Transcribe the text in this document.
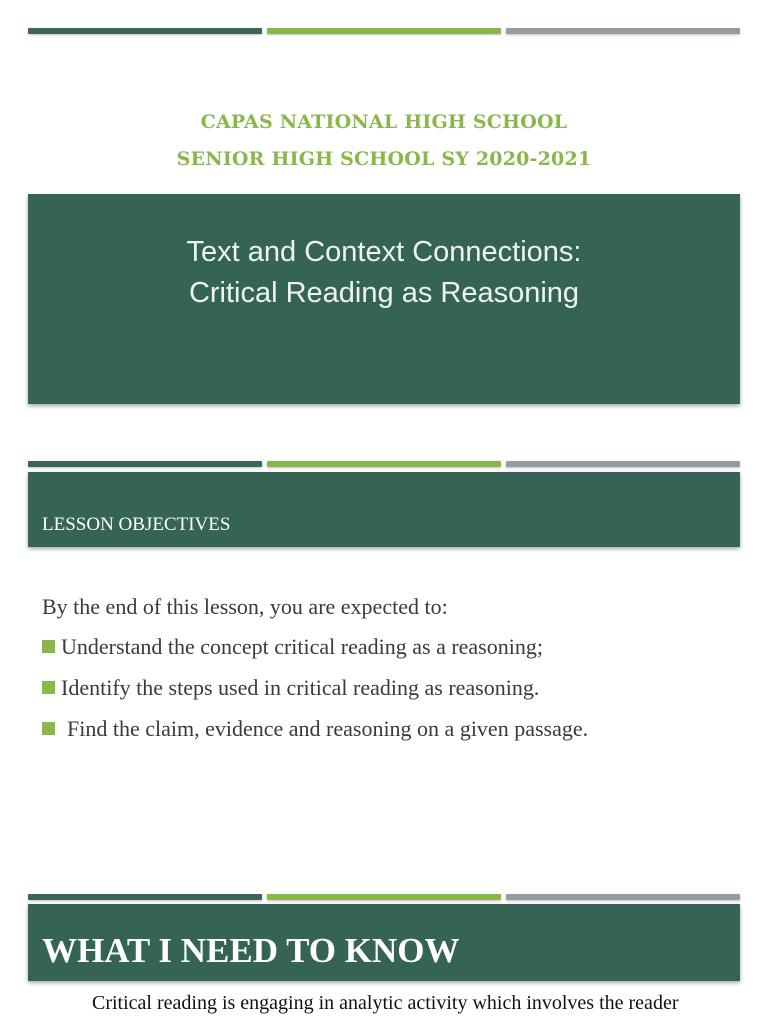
CAPAS NATIONAL HIGH SCHOOL
SENIOR HIGH SCHOOL SY 2020-2021
Text and Context Connections:
Critical Reading as Reasoning
LESSON OBJECTIVES
By the end of this lesson, you are expected to:
Understand the concept critical reading as a reasoning;
Identify the steps used in critical reading as reasoning.
Find the claim, evidence and reasoning on a given passage.
WHAT I NEED TO KNOW
Critical reading is engaging in analytic activity which involves the reader
